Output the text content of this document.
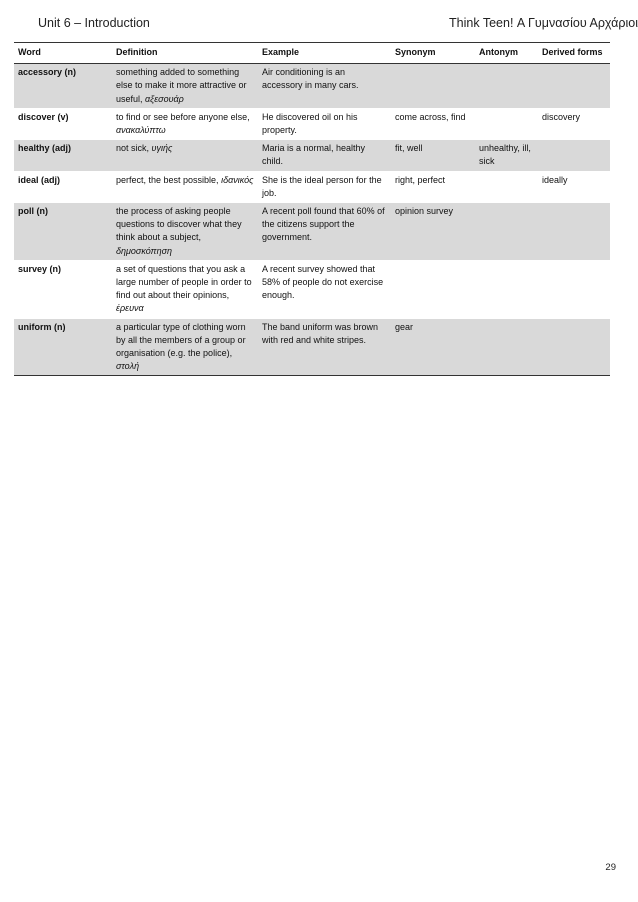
Unit 6 – Introduction	Think Teen! Α Γυμνασίου Αρχάριοι
Word	Definition	Example	Synonym	Antonym	Derived forms
accessory (n)	something added to something else to make it more attractive or useful, αξεσουάρ	Air conditioning is an accessory in many cars.			
discover (v)	to find or see before anyone else, ανακαλύπτω	He discovered oil on his property.	come across, find		discovery
healthy (adj)	not sick, υγιής	Maria is a normal, healthy child.	fit, well	unhealthy, ill, sick	
ideal (adj)	perfect, the best possible, ιδανικός	She is the ideal person for the job.	right, perfect		ideally
poll (n)	the process of asking people questions to discover what they think about a subject, δημοσκόπηση	A recent poll found that 60% of the citizens support the government.	opinion survey		
survey (n)	a set of questions that you ask a large number of people in order to find out about their opinions, έρευνα	A recent survey showed that 58% of people do not exercise enough.			
uniform (n)	a particular type of clothing worn by all the members of a group or organisation (e.g. the police), στολή	The band uniform was brown with red and white stripes.	gear		
29
